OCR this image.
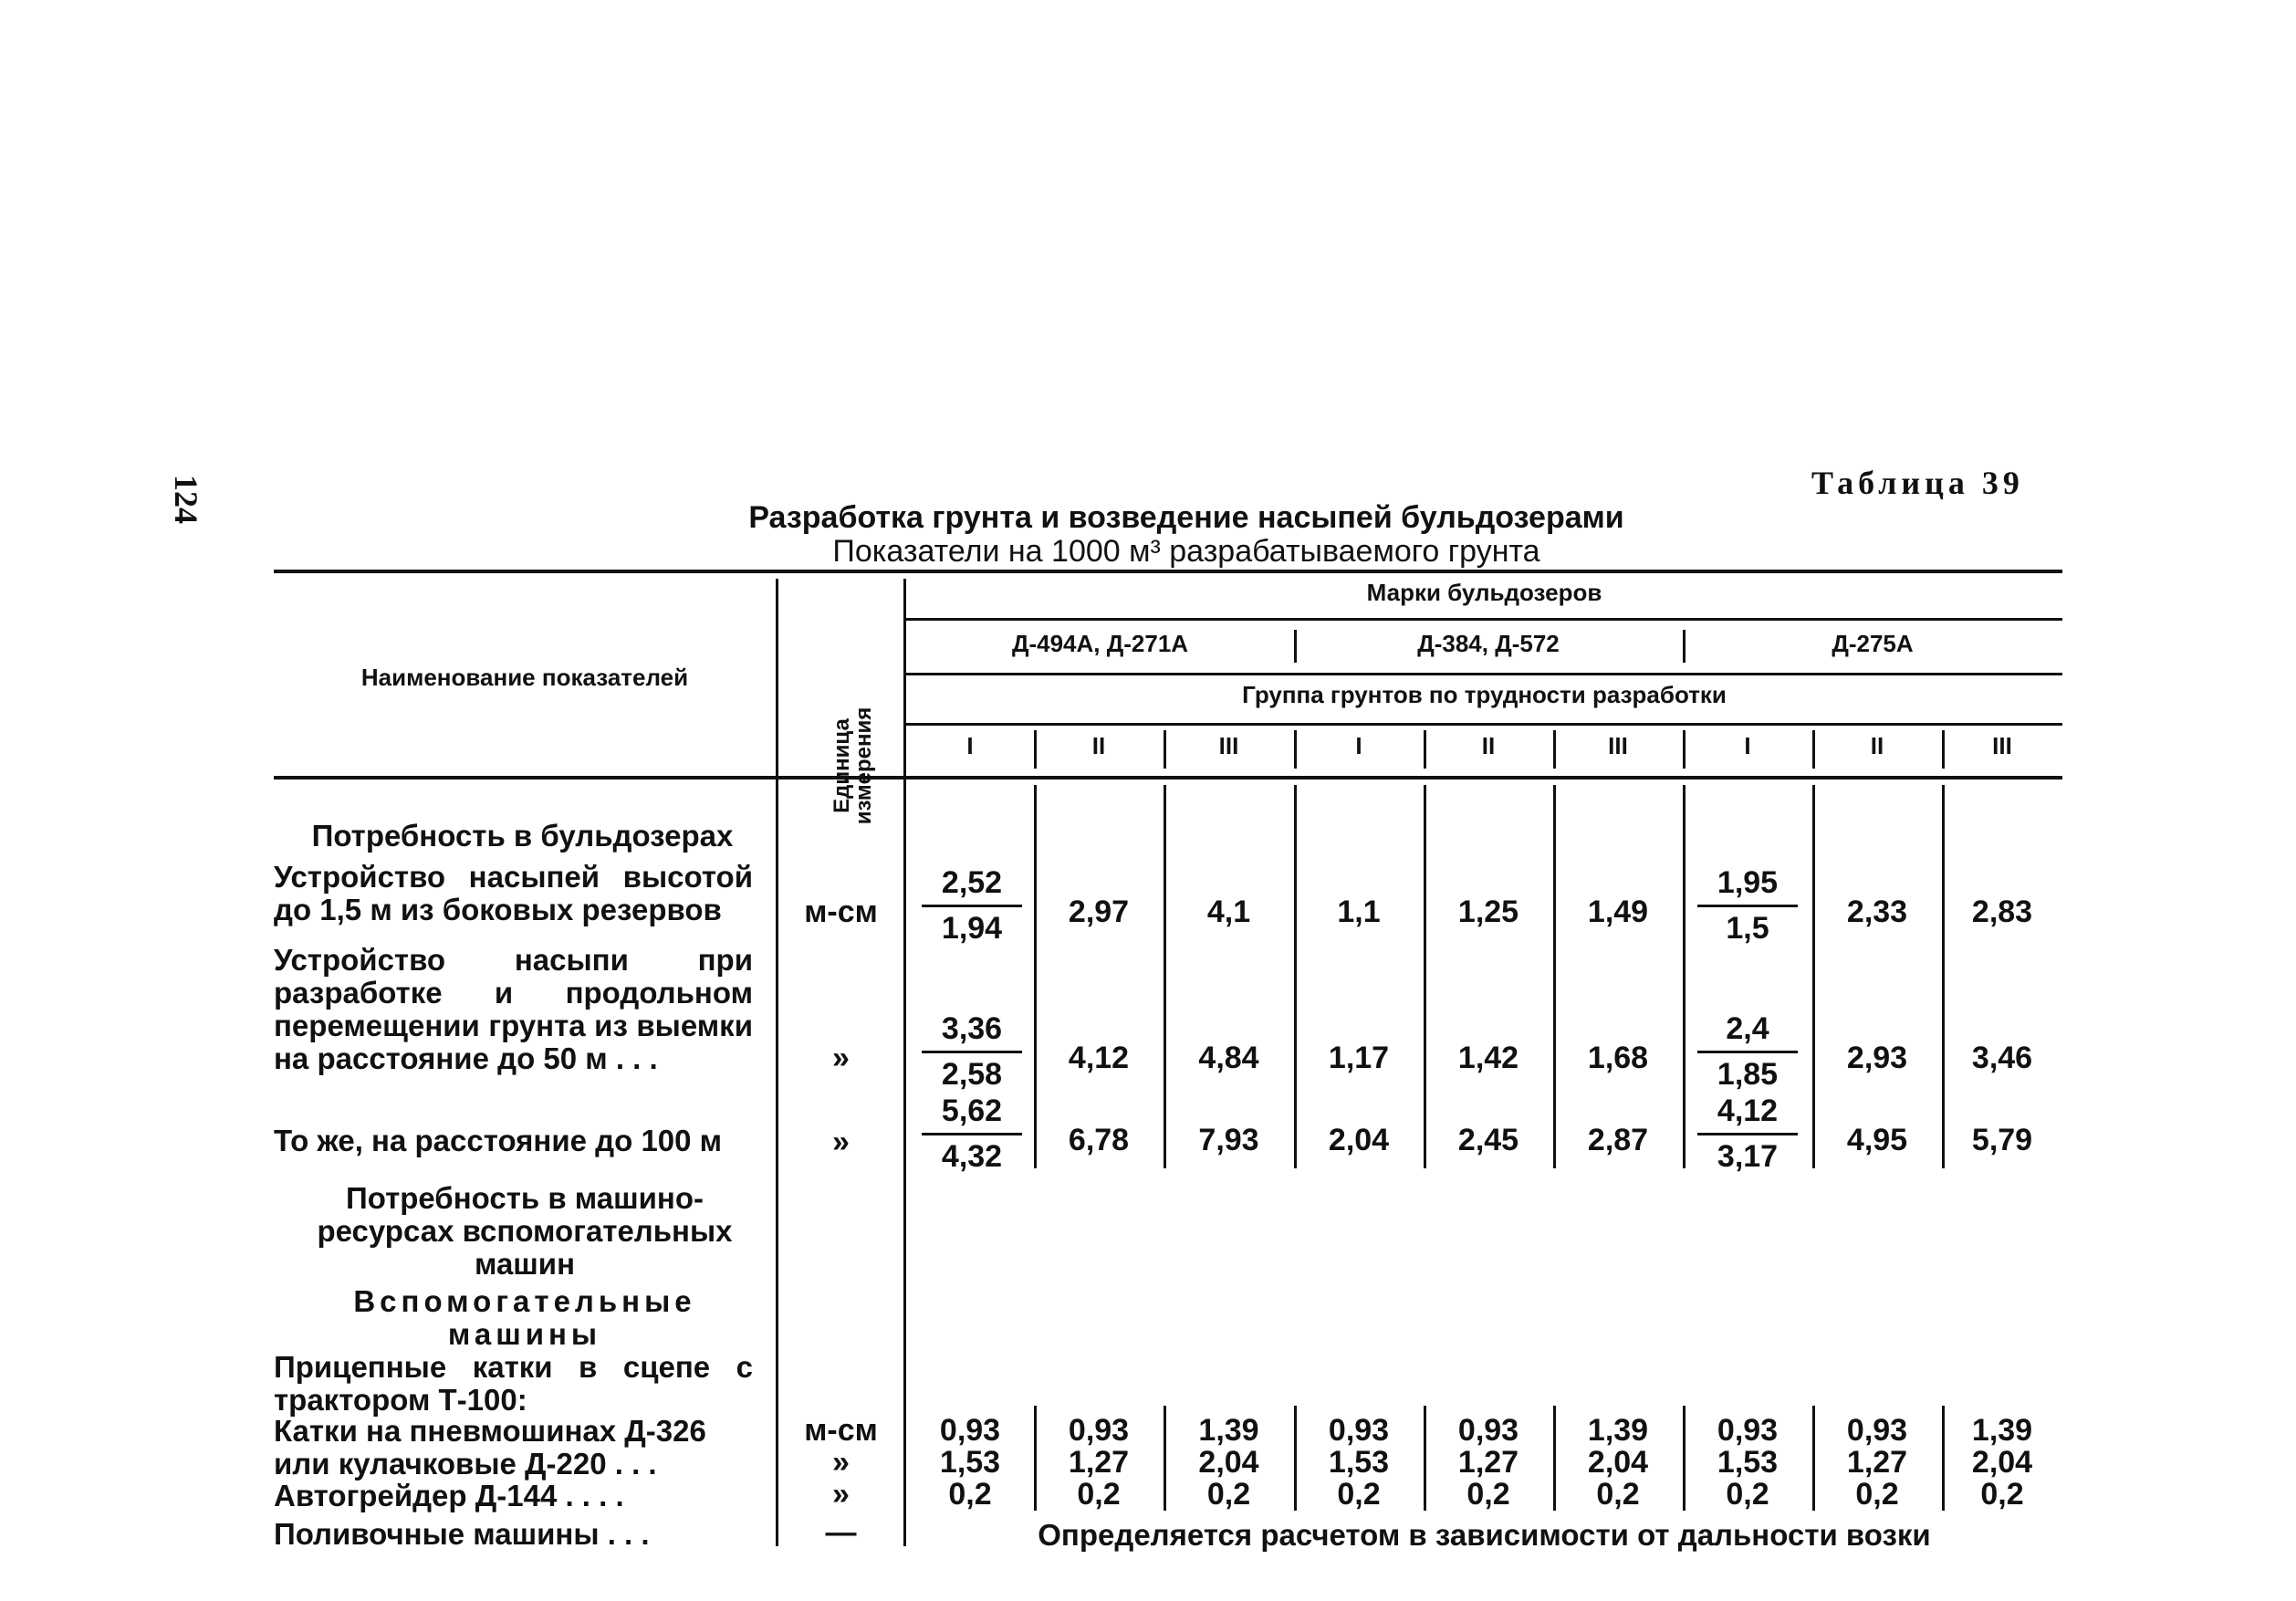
124	Таблица 39
Разработка грунта и возведение насыпей бульдозерами
Показатели на 1000 м³ разрабатываемого грунта
Наименование показателей
Единица измерения
Марки бульдозеров
Д-494А, Д-271А	Д-384, Д-572	Д-275А
Группа грунтов по трудности разработки
I	II	III	I	II	III	I	II	III
Потребность в бульдозерах
Устройство насыпей высотой до 1,5 м из боковых резервов	м-см	$\frac{2,52}{1,94}$	2,97	4,1	1,1	1,25	1,49	$\frac{1,95}{1,5}$	2,33	2,83
Устройство насыпи при разработке и продольном перемещении грунта из выемки на расстояние до 50 м . . .	»	$\frac{3,36}{2,58}$	4,12	4,84	1,17	1,42	1,68	$\frac{2,4}{1,85}$	2,93	3,46
То же, на расстояние до 100 м	»	$\frac{5,62}{4,32}$	6,78	7,93	2,04	2,45	2,87	$\frac{4,12}{3,17}$	4,95	5,79
Потребность в машино-ресурсах вспомогательных машин
Вспомогательные машины
Прицепные катки в сцепе с трактором Т-100:
Катки на пневмошинах Д-326	м-см	0,93	0,93	1,39	0,93	0,93	1,39	0,93	0,93	1,39
или кулачковые Д-220 . . .	»	1,53	1,27	2,04	1,53	1,27	2,04	1,53	1,27	2,04
Автогрейдер Д-144 . . . .	»	0,2	0,2	0,2	0,2	0,2	0,2	0,2	0,2	0,2
Поливочные машины . . .	—	Определяется расчетом в зависимости от дальности возки
